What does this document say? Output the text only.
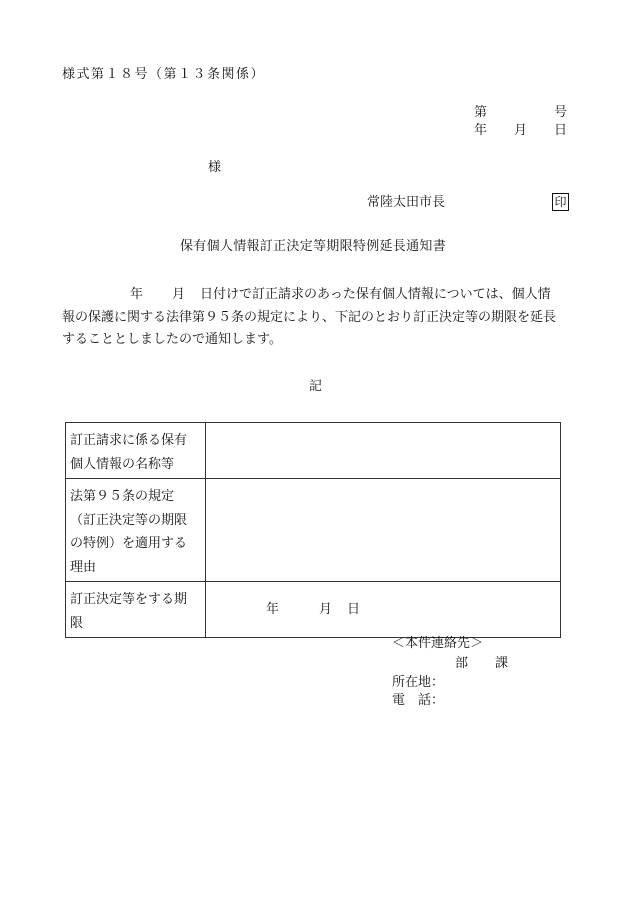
様式第１８号（第１３条関係）
第	号
年 月 日
様
常陸太田市長	印
保有個人情報訂正決定等期限特例延長通知書
年 月 日付けで訂正請求のあった保有個人情報については、個人情
報の保護に関する法律第９５条の規定により、下記のとおり訂正決定等の期限を延長
することとしましたので通知します。
記
訂正請求に係る保有
個人情報の名称等	
法第９５条の規定
（訂正決定等の期限
の特例）を適用する
理由	
訂正決定等をする期
限	年 月 日
＜本件連絡先＞
部 課
所在地：
電　話：
